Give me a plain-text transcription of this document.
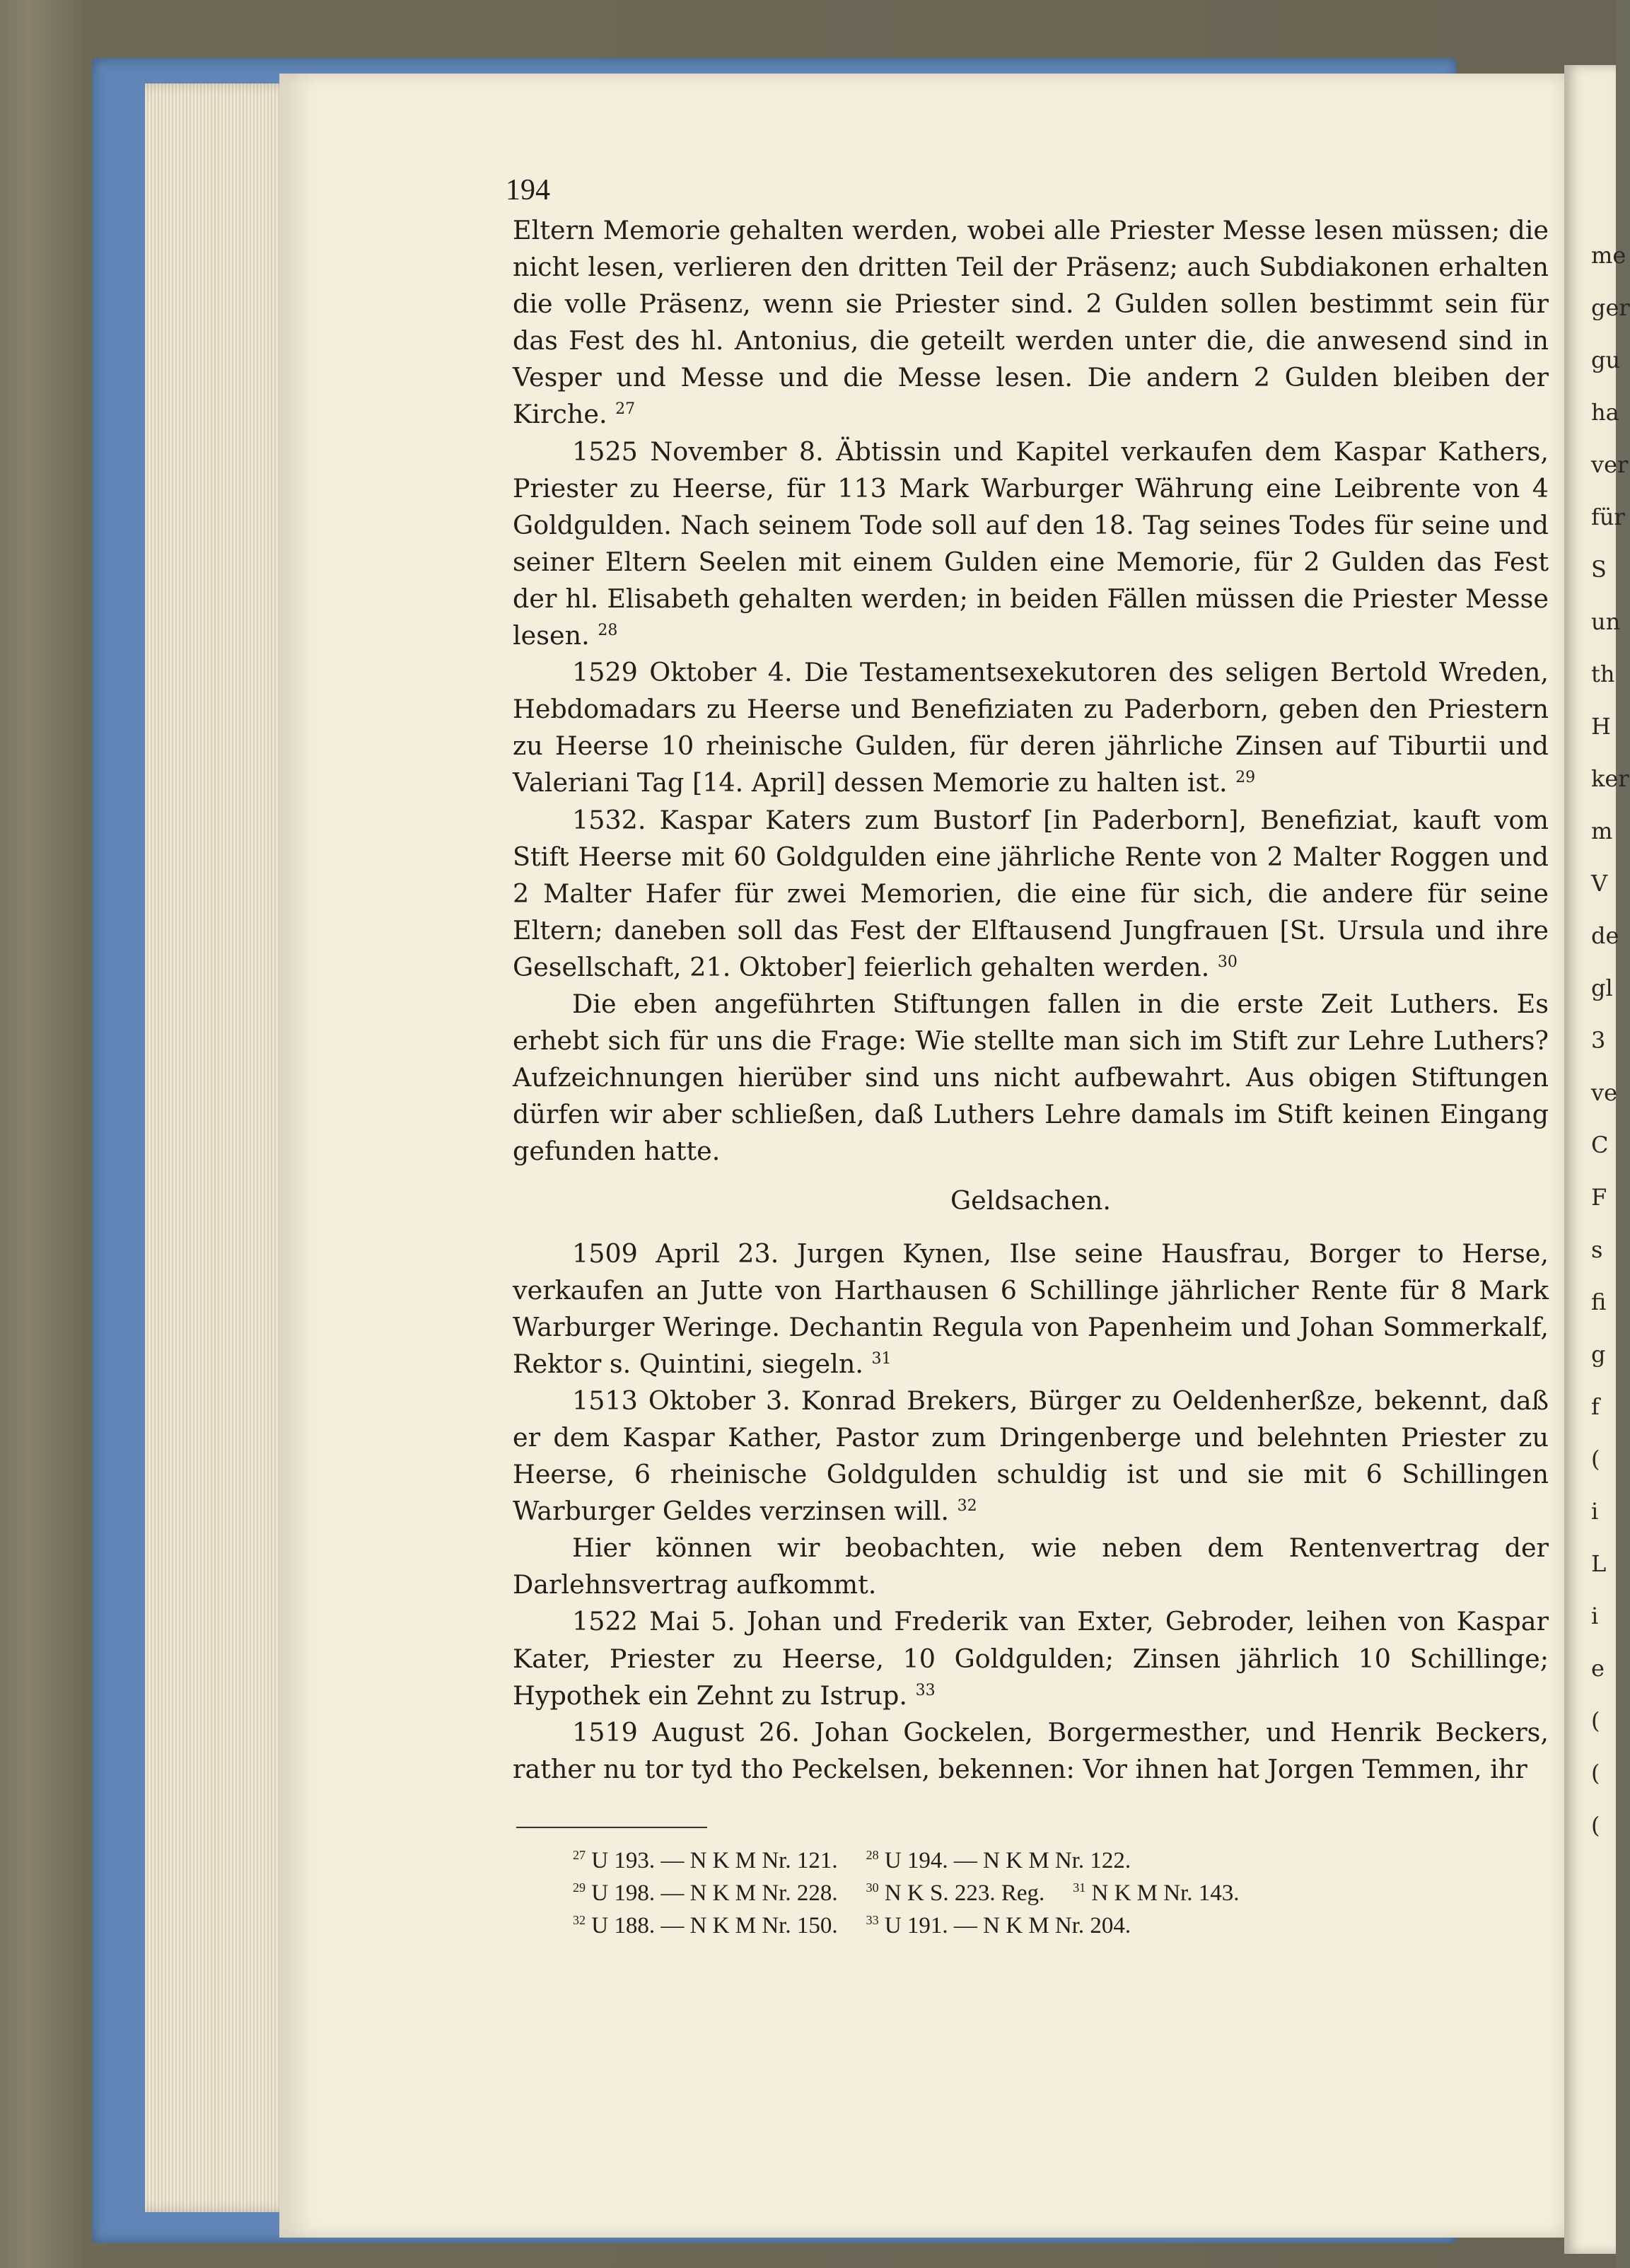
me
ger
gu
ha
ver
für
S
un
th
H
ker
m
V
de
gl
3
ve
C
F
s
fi
g
f
(
i
L
i
e
(
(
(
194

Eltern Memorie gehalten werden, wobei alle Priester Messe lesen müssen; die nicht lesen, verlieren den dritten Teil der Präsenz; auch Subdiakonen erhalten die volle Präsenz, wenn sie Priester sind. 2 Gulden sollen bestimmt sein für das Fest des hl. Antonius, die geteilt werden unter die, die anwesend sind in Vesper und Messe und die Messe lesen. Die andern 2 Gulden bleiben der Kirche. $^{27}$

1525 November 8. Äbtissin und Kapitel verkaufen dem Kaspar Kathers, Priester zu Heerse, für 113 Mark Warburger Währung eine Leibrente von 4 Goldgulden. Nach seinem Tode soll auf den 18. Tag seines Todes für seine und seiner Eltern Seelen mit einem Gulden eine Memorie, für 2 Gulden das Fest der hl. Elisabeth gehalten werden; in beiden Fällen müssen die Priester Messe lesen. $^{28}$

1529 Oktober 4. Die Testamentsexekutoren des seligen Bertold Wreden, Hebdomadars zu Heerse und Benefiziaten zu Paderborn, geben den Priestern zu Heerse 10 rheinische Gulden, für deren jährliche Zinsen auf Tiburtii und Valeriani Tag [14. April] dessen Memorie zu halten ist. $^{29}$

1532. Kaspar Katers zum Bustorf [in Paderborn], Benefiziat, kauft vom Stift Heerse mit 60 Goldgulden eine jährliche Rente von 2 Malter Roggen und 2 Malter Hafer für zwei Memorien, die eine für sich, die andere für seine Eltern; daneben soll das Fest der Elftausend Jungfrauen [St. Ursula und ihre Gesellschaft, 21. Oktober] feierlich gehalten werden. $^{30}$

Die eben angeführten Stiftungen fallen in die erste Zeit Luthers. Es erhebt sich für uns die Frage: Wie stellte man sich im Stift zur Lehre Luthers? Aufzeichnungen hierüber sind uns nicht aufbewahrt. Aus obigen Stiftungen dürfen wir aber schließen, daß Luthers Lehre damals im Stift keinen Eingang gefunden hatte.

Geldsachen.

1509 April 23. Jurgen Kynen, Ilse seine Hausfrau, Borger to Herse, verkaufen an Jutte von Harthausen 6 Schillinge jährlicher Rente für 8 Mark Warburger Weringe. Dechantin Regula von Papenheim und Johan Sommerkalf, Rektor s. Quintini, siegeln. $^{31}$

1513 Oktober 3. Konrad Brekers, Bürger zu Oeldenherßze, bekennt, daß er dem Kaspar Kather, Pastor zum Dringenberge und belehnten Priester zu Heerse, 6 rheinische Goldgulden schuldig ist und sie mit 6 Schillingen Warburger Geldes verzinsen will. $^{32}$

Hier können wir beobachten, wie neben dem Rentenvertrag der Darlehnsvertrag aufkommt.

1522 Mai 5. Johan und Frederik van Exter, Gebroder, leihen von Kaspar Kater, Priester zu Heerse, 10 Goldgulden; Zinsen jährlich 10 Schillinge; Hypothek ein Zehnt zu Istrup. $^{33}$

1519 August 26. Johan Gockelen, Borgermesther, und Henrik Beckers, rather nu tor tyd tho Peckelsen, bekennen: Vor ihnen hat Jorgen Temmen, ihr

$^{27}$ U 193. — N K M Nr. 121. $^{28}$ U 194. — N K M Nr. 122.
$^{29}$ U 198. — N K M Nr. 228. $^{30}$ N K S. 223. Reg. $^{31}$ N K M Nr. 143.
$^{32}$ U 188. — N K M Nr. 150. $^{33}$ U 191. — N K M Nr. 204.
